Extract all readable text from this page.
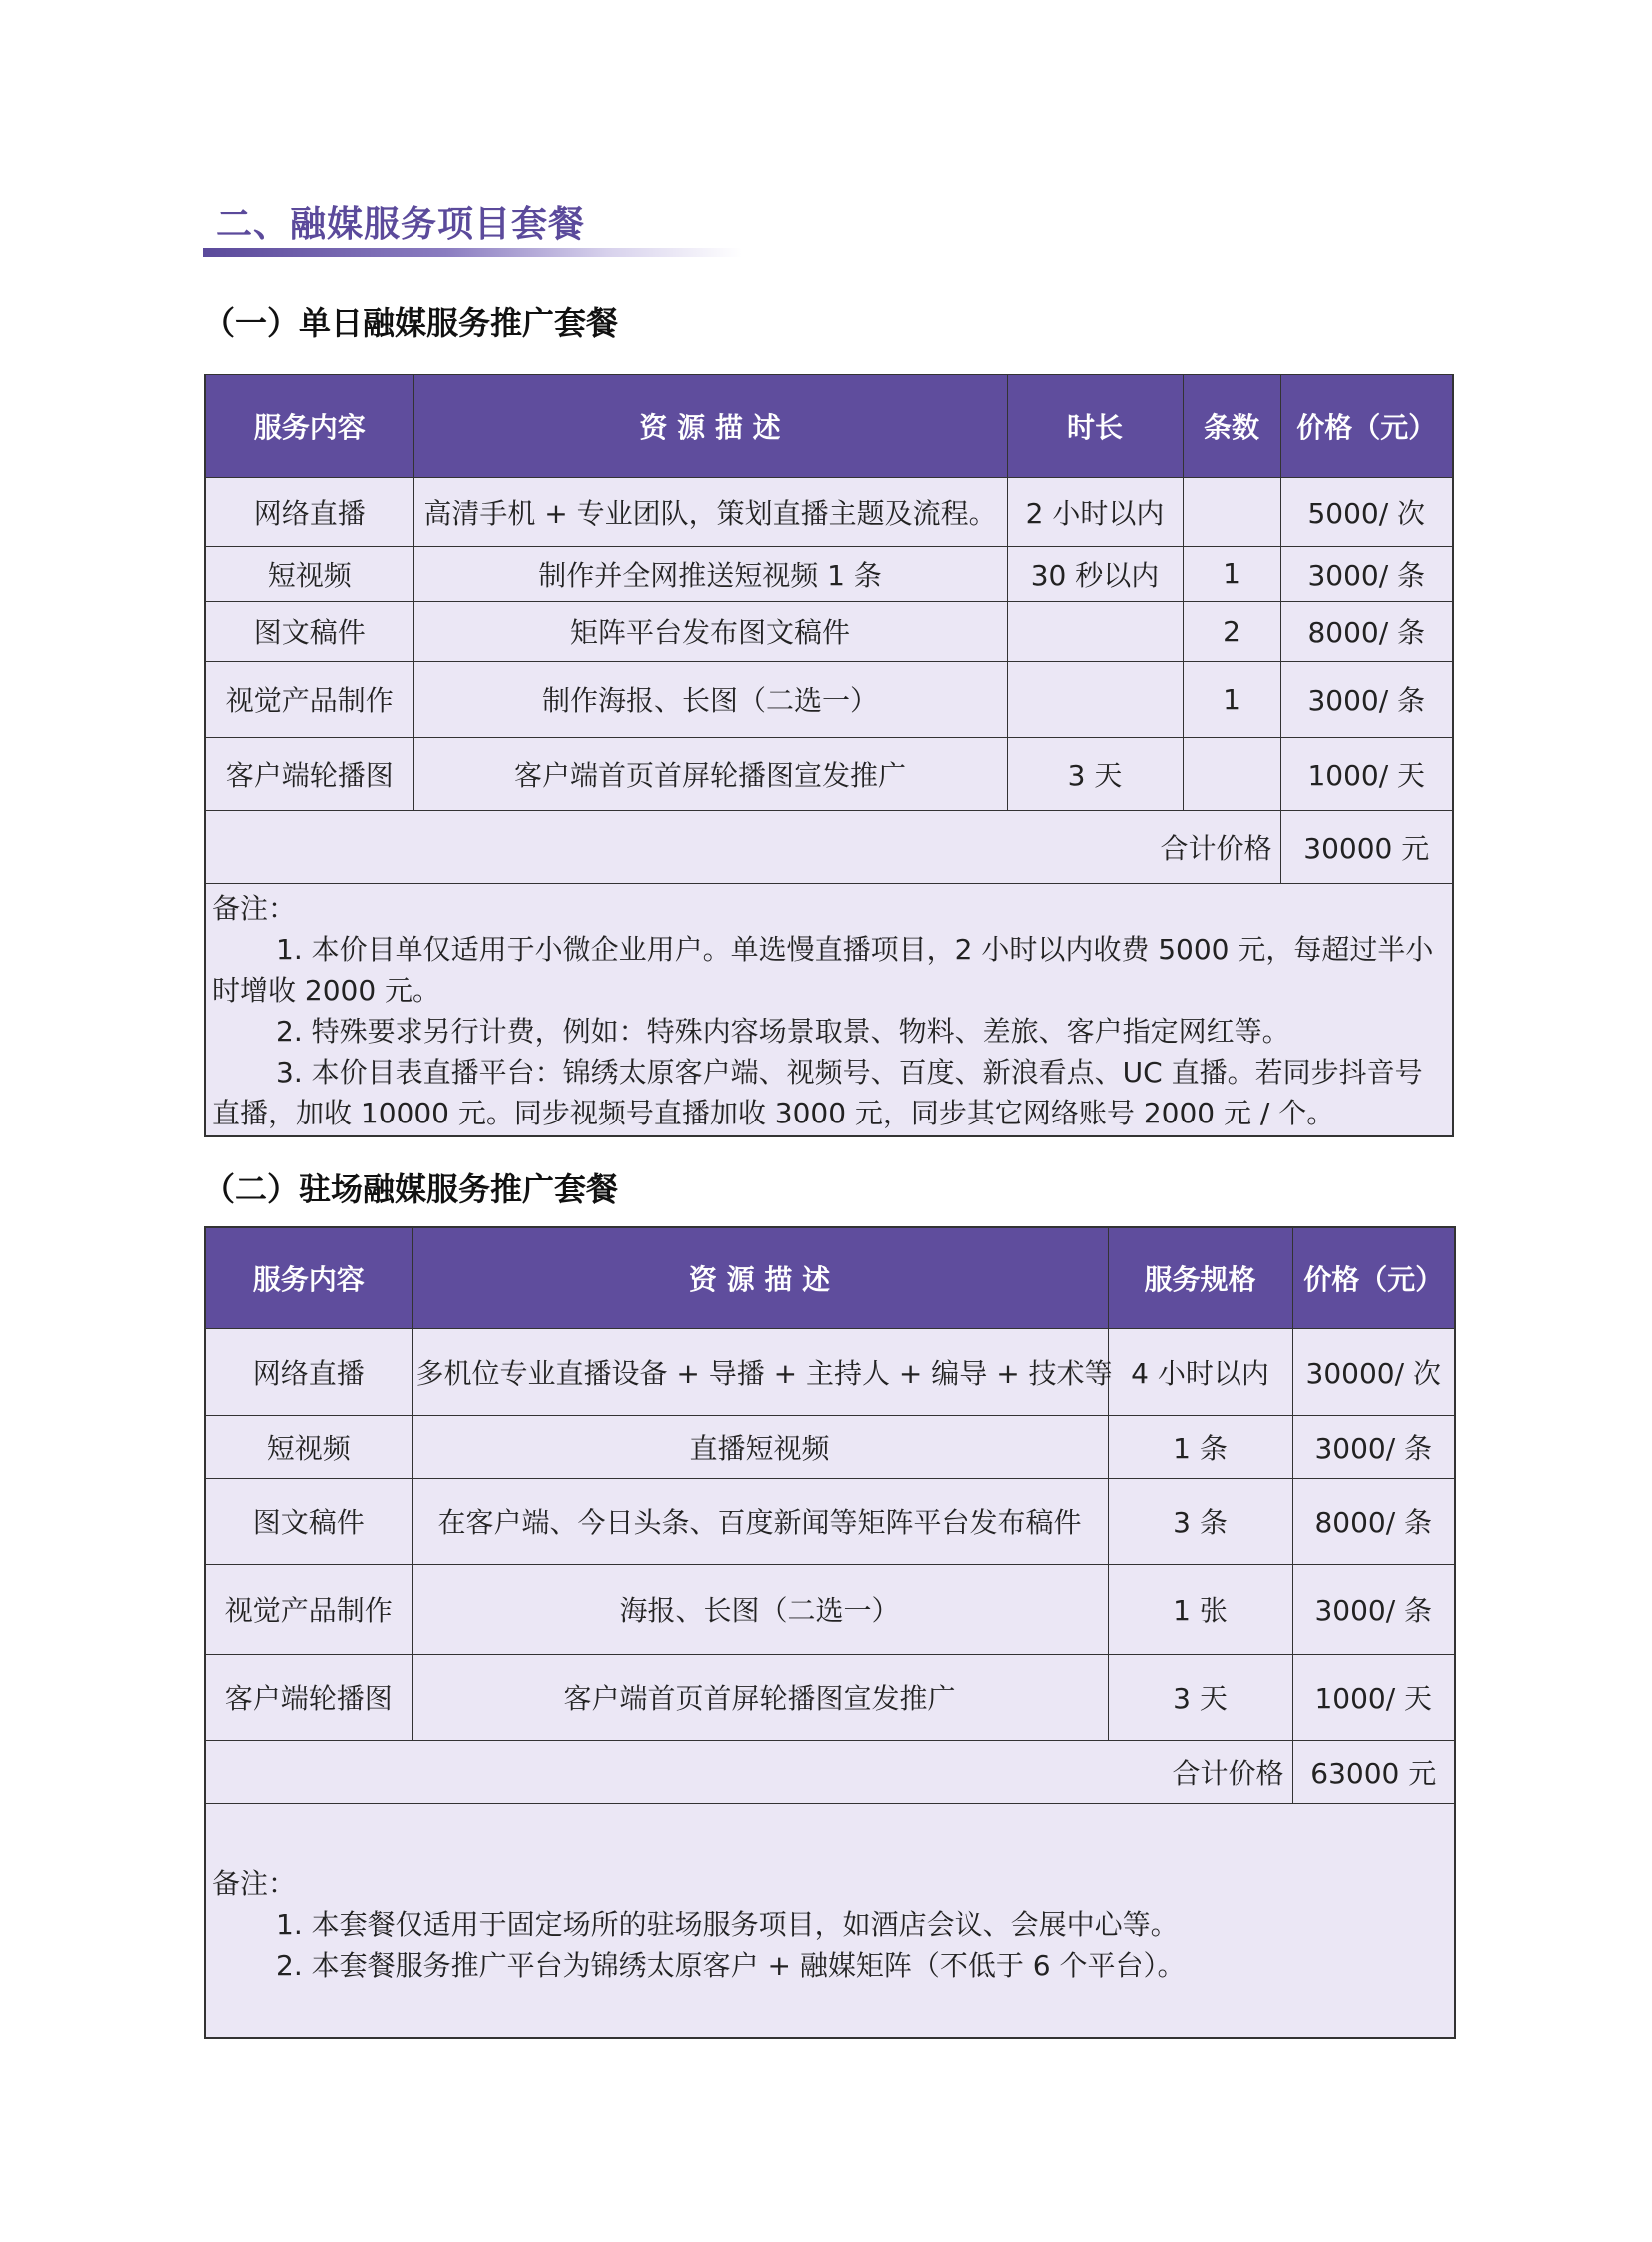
二、融媒服务项目套餐
（一）单日融媒服务推广套餐
服务内容	资 源 描 述	时长	条数	价格（元）
网络直播	高清手机 + 专业团队，策划直播主题及流程。	2 小时以内		5000/ 次
短视频	制作并全网推送短视频 1 条	30 秒以内	1	3000/ 条
图文稿件	矩阵平台发布图文稿件		2	8000/ 条
视觉产品制作	制作海报、长图（二选一）		1	3000/ 条
客户端轮播图	客户端首页首屏轮播图宣发推广	3 天		1000/ 天
合计价格				30000 元

备注：

1. 本价目单仅适用于小微企业用户。单选慢直播项目，2 小时以内收费 5000 元，每超过半小时增收 2000 元。

2. 特殊要求另行计费，例如：特殊内容场景取景、物料、差旅、客户指定网红等。

3. 本价目表直播平台：锦绣太原客户端、视频号、百度、新浪看点、UC 直播。若同步抖音号直播，加收 10000 元。同步视频号直播加收 3000 元，同步其它网络账号 2000 元 / 个。				

（二）驻场融媒服务推广套餐
服务内容	资 源 描 述	服务规格	价格（元）
网络直播	多机位专业直播设备 + 导播 + 主持人 + 编导 + 技术等	4 小时以内	30000/ 次
短视频	直播短视频	1 条	3000/ 条
图文稿件	在客户端、今日头条、百度新闻等矩阵平台发布稿件	3 条	8000/ 条
视觉产品制作	海报、长图（二选一）	1 张	3000/ 条
客户端轮播图	客户端首页首屏轮播图宣发推广	3 天	1000/ 天
合计价格			63000 元

备注：

1. 本套餐仅适用于固定场所的驻场服务项目，如酒店会议、会展中心等。

2. 本套餐服务推广平台为锦绣太原客户 + 融媒矩阵（不低于 6 个平台）。			
